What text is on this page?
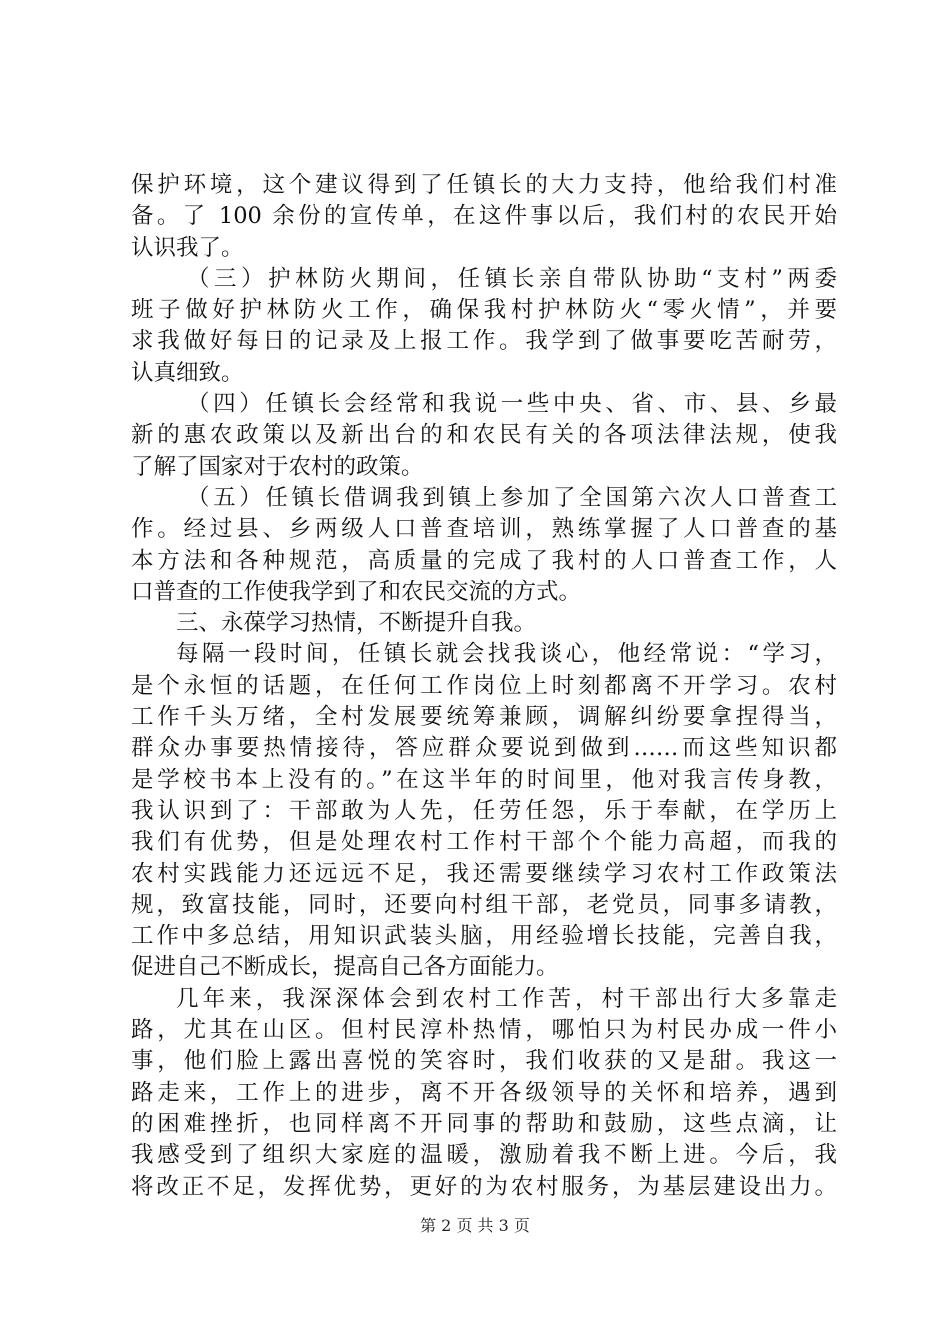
保护环境，这个建议得到了任镇长的大力支持，他给我们村准
备。了 100 余份的宣传单，在这件事以后，我们村的农民开始
认识我了。
（三）护林防火期间，任镇长亲自带队协助“支村”两委
班子做好护林防火工作，确保我村护林防火“零火情”，并要
求我做好每日的记录及上报工作。我学到了做事要吃苦耐劳，
认真细致。
（四）任镇长会经常和我说一些中央、省、市、县、乡最
新的惠农政策以及新出台的和农民有关的各项法律法规，使我
了解了国家对于农村的政策。
（五）任镇长借调我到镇上参加了全国第六次人口普查工
作。经过县、乡两级人口普查培训，熟练掌握了人口普查的基
本方法和各种规范，高质量的完成了我村的人口普查工作，人
口普查的工作使我学到了和农民交流的方式。
三、永葆学习热情，不断提升自我。
每隔一段时间，任镇长就会找我谈心，他经常说：“学习，
是个永恒的话题，在任何工作岗位上时刻都离不开学习。农村
工作千头万绪，全村发展要统筹兼顾，调解纠纷要拿捏得当，
群众办事要热情接待，答应群众要说到做到……而这些知识都
是学校书本上没有的。”在这半年的时间里，他对我言传身教，
我认识到了：干部敢为人先，任劳任怨，乐于奉献，在学历上
我们有优势，但是处理农村工作村干部个个能力高超，而我的
农村实践能力还远远不足，我还需要继续学习农村工作政策法
规，致富技能，同时，还要向村组干部，老党员，同事多请教，
工作中多总结，用知识武装头脑，用经验增长技能，完善自我，
促进自己不断成长，提高自己各方面能力。
几年来，我深深体会到农村工作苦，村干部出行大多靠走
路，尤其在山区。但村民淳朴热情，哪怕只为村民办成一件小
事，他们脸上露出喜悦的笑容时，我们收获的又是甜。我这一
路走来，工作上的进步，离不开各级领导的关怀和培养，遇到
的困难挫折，也同样离不开同事的帮助和鼓励，这些点滴，让
我感受到了组织大家庭的温暖，激励着我不断上进。今后，我
将改正不足，发挥优势，更好的为农村服务，为基层建设出力。
第 2 页 共 3 页
